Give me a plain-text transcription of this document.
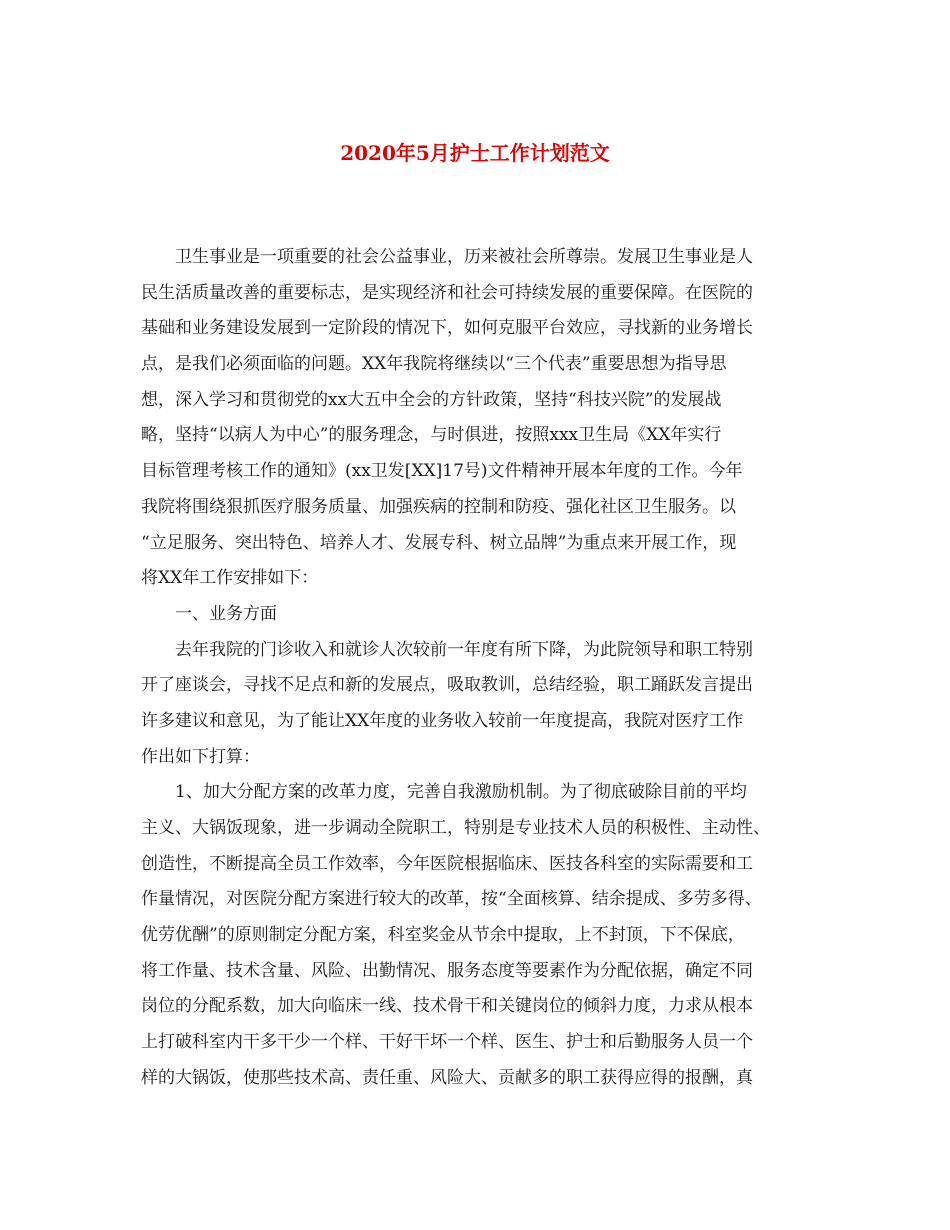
2020年5月护士工作计划范文
卫生事业是一项重要的社会公益事业，历来被社会所尊崇。发展卫生事业是人
民生活质量改善的重要标志，是实现经济和社会可持续发展的重要保障。在医院的
基础和业务建设发展到一定阶段的情况下，如何克服平台效应，寻找新的业务增长
点，是我们必须面临的问题。XX年我院将继续以“三个代表”重要思想为指导思
想，深入学习和贯彻党的xx大五中全会的方针政策，坚持“科技兴院”的发展战
略，坚持“以病人为中心”的服务理念，与时俱进，按照xxx卫生局《XX年实行
目标管理考核工作的通知》(xx卫发[XX]17号)文件精神开展本年度的工作。今年
我院将围绕狠抓医疗服务质量、加强疾病的控制和防疫、强化社区卫生服务。以
“立足服务、突出特色、培养人才、发展专科、树立品牌”为重点来开展工作，现
将XX年工作安排如下：
一、业务方面
去年我院的门诊收入和就诊人次较前一年度有所下降，为此院领导和职工特别
开了座谈会，寻找不足点和新的发展点，吸取教训，总结经验，职工踊跃发言提出
许多建议和意见，为了能让XX年度的业务收入较前一年度提高，我院对医疗工作
作出如下打算：
1、加大分配方案的改革力度，完善自我激励机制。为了彻底破除目前的平均
主义、大锅饭现象，进一步调动全院职工，特别是专业技术人员的积极性、主动性、
创造性，不断提高全员工作效率，今年医院根据临床、医技各科室的实际需要和工
作量情况，对医院分配方案进行较大的改革，按“全面核算、结余提成、多劳多得、
优劳优酬”的原则制定分配方案，科室奖金从节余中提取，上不封顶，下不保底，
将工作量、技术含量、风险、出勤情况、服务态度等要素作为分配依据，确定不同
岗位的分配系数，加大向临床一线、技术骨干和关键岗位的倾斜力度，力求从根本
上打破科室内干多干少一个样、干好干坏一个样、医生、护士和后勤服务人员一个
样的大锅饭，使那些技术高、责任重、风险大、贡献多的职工获得应得的报酬，真
